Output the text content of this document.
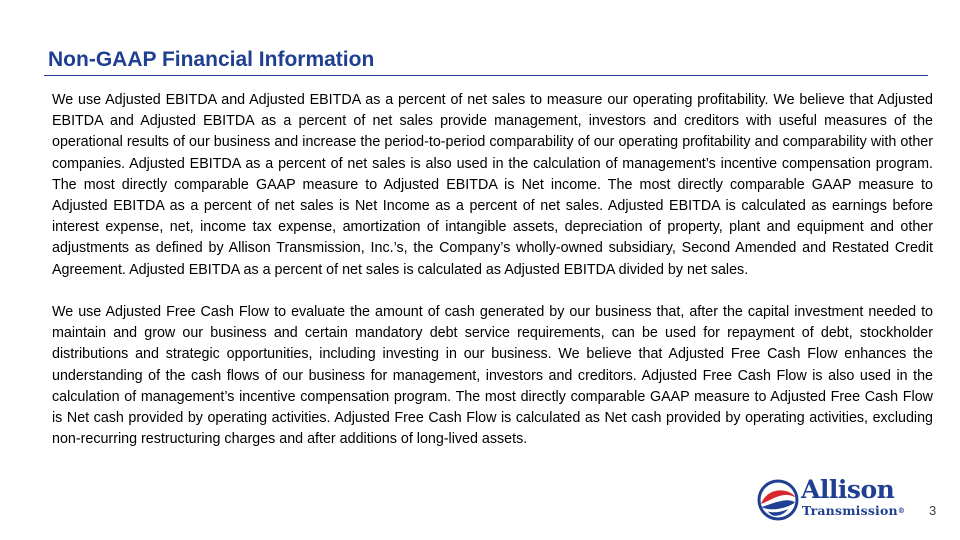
Non-GAAP Financial Information

We use Adjusted EBITDA and Adjusted EBITDA as a percent of net sales to measure our operating profitability. We believe that Adjusted EBITDA and Adjusted EBITDA as a percent of net sales provide management, investors and creditors with useful measures of the operational results of our business and increase the period-to-period comparability of our operating profitability and comparability with other companies. Adjusted EBITDA as a percent of net sales is also used in the calculation of management’s incentive compensation program. The most directly comparable GAAP measure to Adjusted EBITDA is Net income. The most directly comparable GAAP measure to Adjusted EBITDA as a percent of net sales is Net Income as a percent of net sales. Adjusted EBITDA is calculated as earnings before interest expense, net, income tax expense, amortization of intangible assets, depreciation of property, plant and equipment and other adjustments as defined by Allison Transmission, Inc.’s, the Company’s wholly-owned subsidiary, Second Amended and Restated Credit Agreement. Adjusted EBITDA as a percent of net sales is calculated as Adjusted EBITDA divided by net sales.

We use Adjusted Free Cash Flow to evaluate the amount of cash generated by our business that, after the capital investment needed to maintain and grow our business and certain mandatory debt service requirements, can be used for repayment of debt, stockholder distributions and strategic opportunities, including investing in our business. We believe that Adjusted Free Cash Flow enhances the understanding of the cash flows of our business for management, investors and creditors. Adjusted Free Cash Flow is also used in the calculation of management’s incentive compensation program. The most directly comparable GAAP measure to Adjusted Free Cash Flow is Net cash provided by operating activities. Adjusted Free Cash Flow is calculated as Net cash provided by operating activities, excluding non-recurring restructuring charges and after additions of long-lived assets.

Allison
Transmission® 3
